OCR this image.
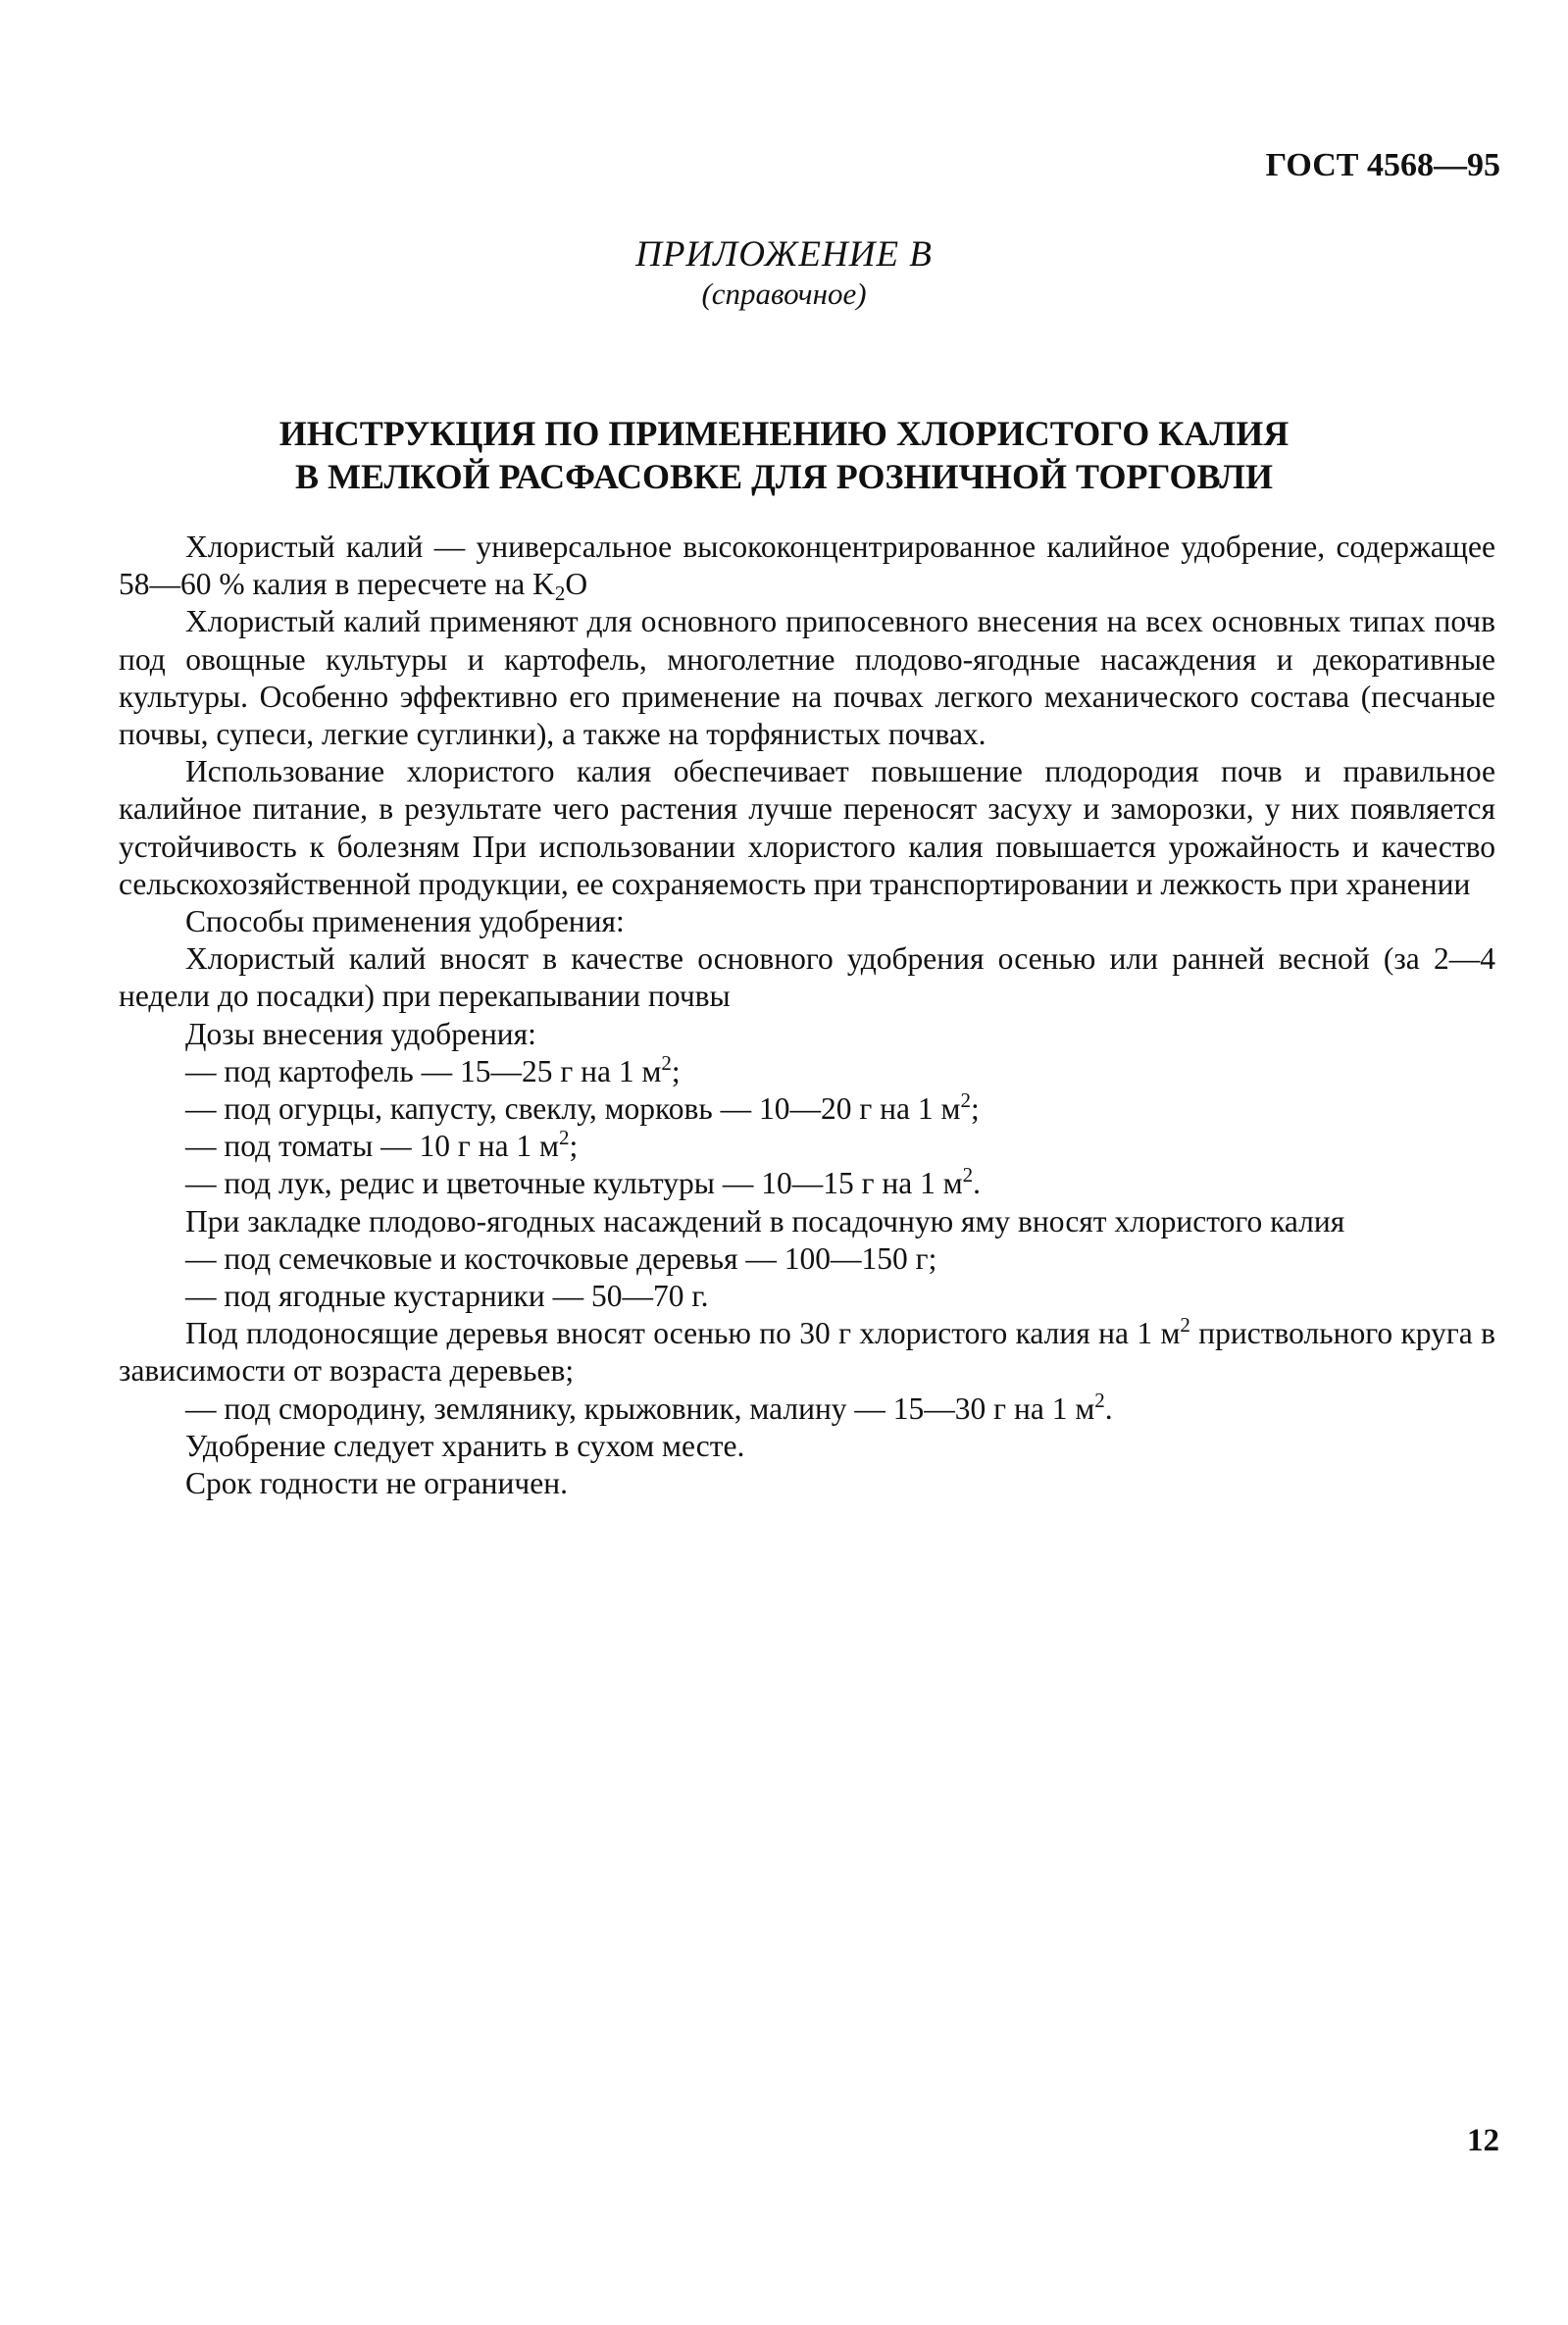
ГОСТ 4568—95
ПРИЛОЖЕНИЕ В
(справочное)
ИНСТРУКЦИЯ ПО ПРИМЕНЕНИЮ ХЛОРИСТОГО КАЛИЯ
В МЕЛКОЙ РАСФАСОВКЕ ДЛЯ РОЗНИЧНОЙ ТОРГОВЛИ

Хлористый калий — универсальное высококонцентрированное калийное удобрение, содержащее 58—60 % калия в пересчете на $K_2O$

Хлористый калий применяют для основного припосевного внесения на всех основных типах почв под овощные культуры и картофель, многолетние плодово-ягодные насаждения и декоративные культуры. Особенно эффективно его применение на почвах легкого механического состава (песчаные почвы, супеси, легкие суглинки), а также на торфянистых почвах.

Использование хлористого калия обеспечивает повышение плодородия почв и правильное калийное питание, в результате чего растения лучше переносят засуху и заморозки, у них появляется устойчивость к болезням При использовании хлористого калия повышается урожайность и качество сельскохозяйственной продукции, ее сохраняемость при транспортировании и лежкость при хранении

Способы применения удобрения:

Хлористый калий вносят в качестве основного удобрения осенью или ранней весной (за 2—4 недели до посадки) при перекапывании почвы

Дозы внесения удобрения:

— под картофель — 15—25 г на 1 $м^2$;

— под огурцы, капусту, свеклу, морковь — 10—20 г на 1 $м^2$;

— под томаты — 10 г на 1 $м^2$;

— под лук, редис и цветочные культуры — 10—15 г на 1 $м^2$.

При закладке плодово-ягодных насаждений в посадочную яму вносят хлористого калия

— под семечковые и косточковые деревья — 100—150 г;

— под ягодные кустарники — 50—70 г.

Под плодоносящие деревья вносят осенью по 30 г хлористого калия на 1 $м^2$ приствольного круга в зависимости от возраста деревьев;

— под смородину, землянику, крыжовник, малину — 15—30 г на 1 $м^2$.

Удобрение следует хранить в сухом месте.

Срок годности не ограничен.

12
